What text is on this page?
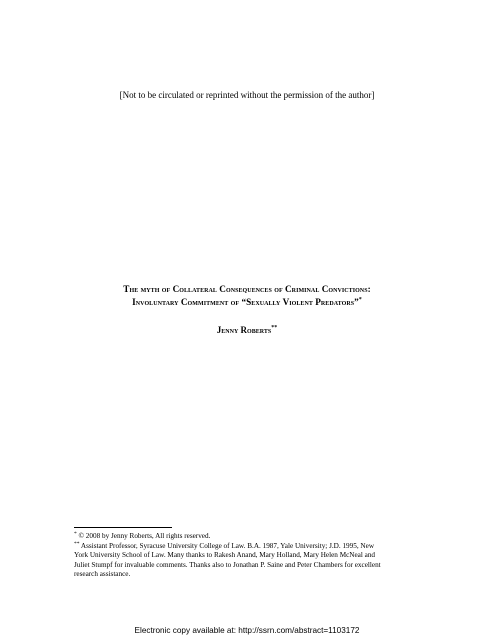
[Not to be circulated or reprinted without the permission of the author]
The myth of Collateral Consequences of Criminal Convictions:
Involuntary Commitment of “Sexually Violent Predators”*
Jenny Roberts**

* © 2008 by Jenny Roberts, All rights reserved.

** Assistant Professor, Syracuse University College of Law. B.A. 1987, Yale University; J.D. 1995, New
York University School of Law. Many thanks to Rakesh Anand, Mary Holland, Mary Helen McNeal and
Juliet Stumpf for invaluable comments. Thanks also to Jonathan P. Saine and Peter Chambers for excellent
research assistance.

Electronic copy available at: http://ssrn.com/abstract=1103172
